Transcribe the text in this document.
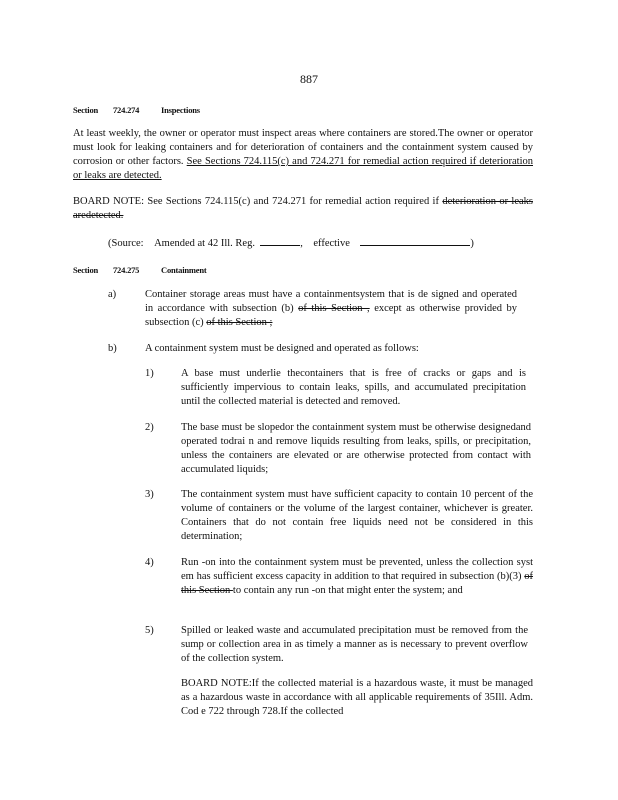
887
Section 724.274	Inspections
At least weekly, the owner or operator must inspect areas where containers are stored.The owner or operator must look for leaking containers and for deterioration of containers and the containment system caused by corrosion or other factors. See Sections 724.115(c) and 724.271 for remedial action required if deterioration or leaks are detected.
BOARD NOTE: See Sections 724.115(c) and 724.271 for remedial action required if deterioration or leaks aredetected.
(Source: Amended at 42 Ill. Reg.	, effective	)
Section 724.275	Containment
a)	Container storage areas must have a containmentsystem that is de signed and operated in accordance with subsection (b) of this Section , except as otherwise provided by subsection (c) of this Section ;
b)	A containment system must be designed and operated as follows:
1)	A base must underlie thecontainers that is free of cracks or gaps and is sufficiently impervious to contain leaks, spills, and accumulated precipitation until the collected material is detected and removed.
2)	The base must be slopedor the containment system must be otherwise designedand operated todrai n and remove liquids resulting from leaks, spills, or precipitation, unless the containers are elevated or are otherwise protected from contact with accumulated liquids;
3)	The containment system must have sufficient capacity to contain 10 percent of the volume of containers or the volume of the largest container, whichever is greater. Containers that do not contain free liquids need not be considered in this determination;
4)	Run -on into the containment system must be prevented, unless the collection syst em has sufficient excess capacity in addition to that required in subsection (b)(3) of this Section to contain any run -on that might enter the system; and
5)	Spilled or leaked waste and accumulated precipitation must be removed from the sump or collection area in as timely a manner as is necessary to prevent overflow of the collection system.
BOARD NOTE:If the collected material is a hazardous waste, it must be managed as a hazardous waste in accordance with all applicable requirements of 35Ill. Adm. Cod e 722 through 728.If the collected
